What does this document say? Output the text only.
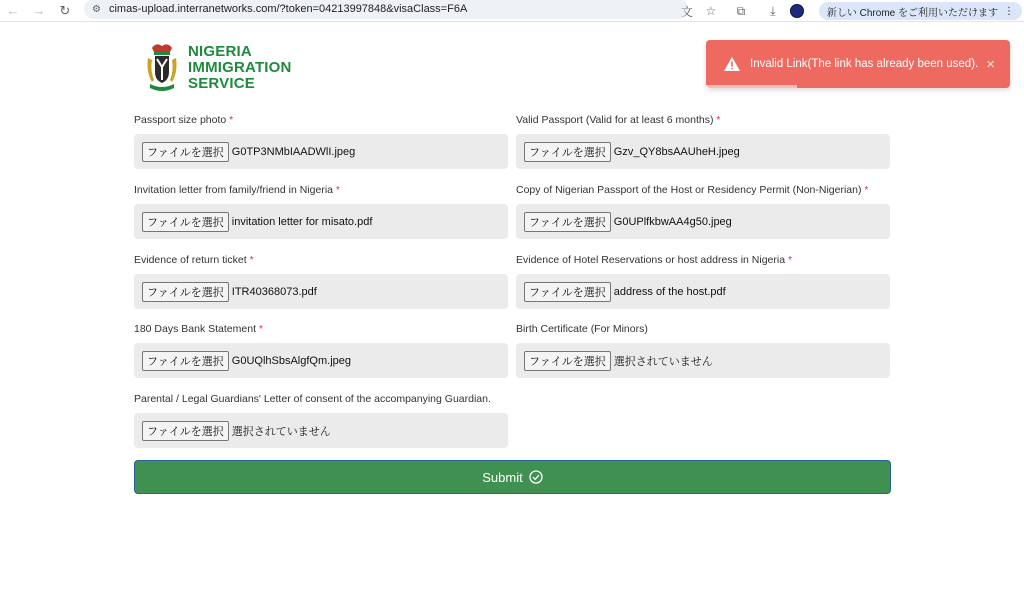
←	→	↻	⚙ cimas-upload.interranetworks.com/?token=04213997848&visaClass=F6A	文	☆	⧉	⤓	新しい Chrome をご利用いただけます ⋮
NIGERIA
IMMIGRATION
SERVICE
Invalid Link(The link has already been used). ×
Passport size photo *
ファイルを選択 G0TP3NMbIAADWlI.jpeg
Valid Passport (Valid for at least 6 months) *
ファイルを選択 Gzv_QY8bsAAUheH.jpeg
Invitation letter from family/friend in Nigeria *
ファイルを選択 invitation letter for misato.pdf
Copy of Nigerian Passport of the Host or Residency Permit (Non-Nigerian) *
ファイルを選択 G0UPlfkbwAA4g50.jpeg
Evidence of return ticket *
ファイルを選択 ITR40368073.pdf
Evidence of Hotel Reservations or host address in Nigeria *
ファイルを選択 address of the host.pdf
180 Days Bank Statement *
ファイルを選択 G0UQlhSbsAlgfQm.jpeg
Birth Certificate (For Minors)
ファイルを選択 選択されていません
Parental / Legal Guardians' Letter of consent of the accompanying Guardian.
ファイルを選択 選択されていません
Submit
